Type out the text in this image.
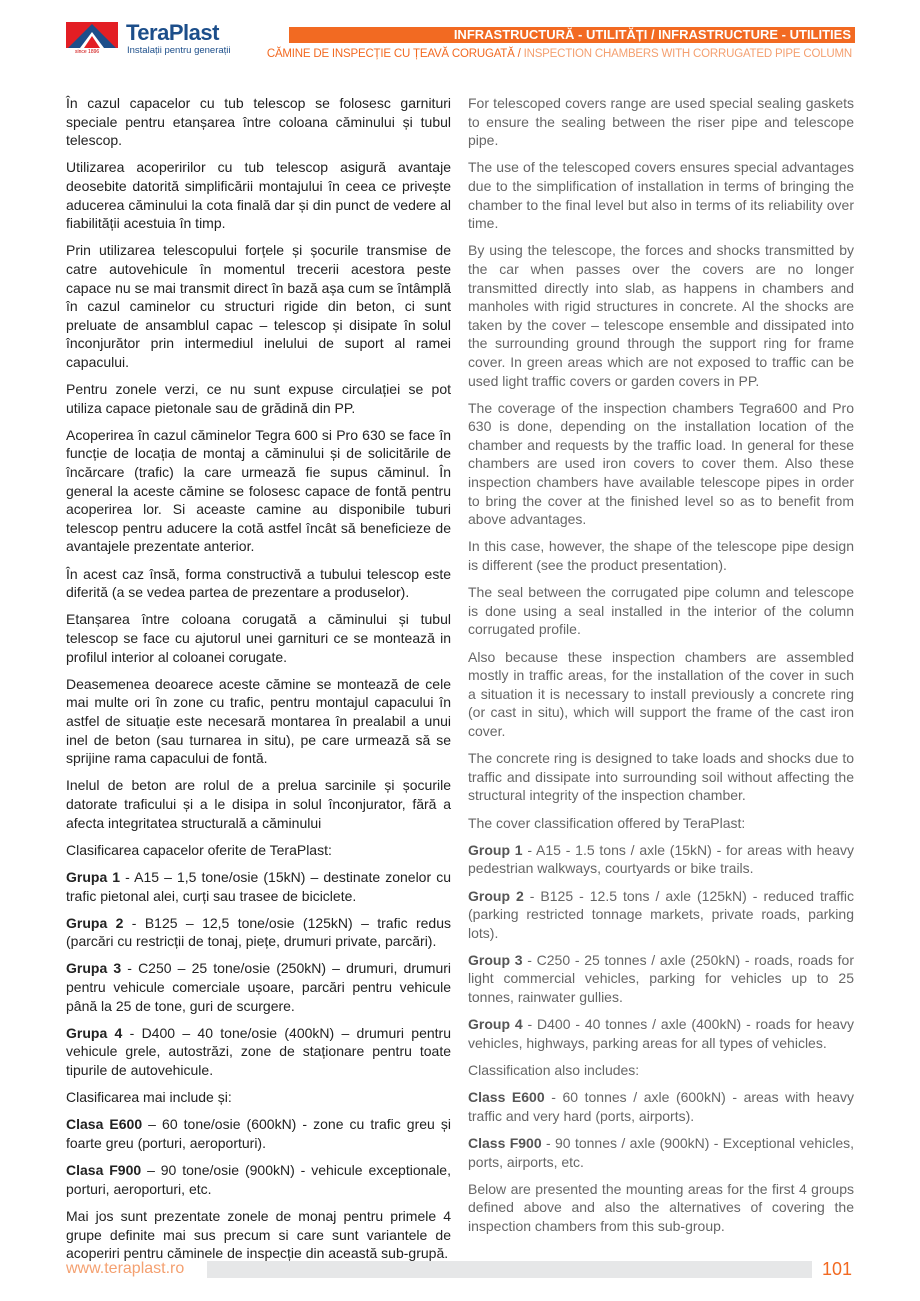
since 1896
TeraPlast
Instalații pentru generații
INFRASTRUCTURĂ - UTILITĂȚI / INFRASTRUCTURE - UTILITIES
CĂMINE DE INSPECȚIE CU ȚEAVĂ CORUGATĂ / INSPECTION CHAMBERS WITH CORRUGATED PIPE COLUMN

În cazul capacelor cu tub telescop se folosesc garnituri speciale pentru etanșarea între coloana căminului și tubul telescop.

Utilizarea acoperirilor cu tub telescop asigură avantaje deosebite datorită simplificării montajului în ceea ce privește aducerea căminului la cota finală dar și din punct de vedere al fiabilității acestuia în timp.

Prin utilizarea telescopului forțele și șocurile transmise de catre autovehicule în momentul trecerii acestora peste capace nu se mai transmit direct în bază așa cum se întâmplă în cazul caminelor cu structuri rigide din beton, ci sunt preluate de ansamblul capac – telescop și disipate în solul înconjurător prin intermediul inelului de suport al ramei capacului.

Pentru zonele verzi, ce nu sunt expuse circulației se pot utiliza capace pietonale sau de grădină din PP.

Acoperirea în cazul căminelor Tegra 600 si Pro 630 se face în funcție de locația de montaj a căminului și de solicitările de încărcare (trafic) la care urmează fie supus căminul. În general la aceste cămine se folosesc capace de fontă pentru acoperirea lor. Si aceaste camine au disponibile tuburi telescop pentru aducere la cotă astfel încât să beneficieze de avantajele prezentate anterior.

În acest caz însă, forma constructivă a tubului telescop este diferită (a se vedea partea de prezentare a produselor).

Etanșarea între coloana corugată a căminului și tubul telescop se face cu ajutorul unei garnituri ce se montează in profilul interior al coloanei corugate.

Deasemenea deoarece aceste cămine se montează de cele mai multe ori în zone cu trafic, pentru montajul capacului în astfel de situație este necesară montarea în prealabil a unui inel de beton (sau turnarea in situ), pe care urmează să se sprijine rama capacului de fontă.

Inelul de beton are rolul de a prelua sarcinile și șocurile datorate traficului și a le disipa in solul înconjurator, fără a afecta integritatea structurală a căminului

Clasificarea capacelor oferite de TeraPlast:

Grupa 1 - A15 – 1,5 tone/osie (15kN) – destinate zonelor cu trafic pietonal alei, curți sau trasee de biciclete.

Grupa 2 - B125 – 12,5 tone/osie (125kN) – trafic redus (parcări cu restricții de tonaj, piețe, drumuri private, parcări).

Grupa 3 - C250 – 25 tone/osie (250kN) – drumuri, drumuri pentru vehicule comerciale ușoare, parcări pentru vehicule până la 25 de tone, guri de scurgere.

Grupa 4 - D400 – 40 tone/osie (400kN) – drumuri pentru vehicule grele, autostrăzi, zone de staționare pentru toate tipurile de autovehicule.

Clasificarea mai include și:

Clasa E600 – 60 tone/osie (600kN) - zone cu trafic greu și foarte greu (porturi, aeroporturi).

Clasa F900 – 90 tone/osie (900kN) - vehicule exceptionale, porturi, aeroporturi, etc.

Mai jos sunt prezentate zonele de monaj pentru primele 4 grupe definite mai sus precum si care sunt variantele de acoperiri pentru căminele de inspecție din această sub-grupă.

For telescoped covers range are used special sealing gaskets to ensure the sealing between the riser pipe and telescope pipe.

The use of the telescoped covers ensures special advantages due to the simplification of installation in terms of bringing the chamber to the final level but also in terms of its reliability over time.

By using the telescope, the forces and shocks transmitted by the car when passes over the covers are no longer transmitted directly into slab, as happens in chambers and manholes with rigid structures in concrete. Al the shocks are taken by the cover – telescope ensemble and dissipated into the surrounding ground through the support ring for frame cover. In green areas which are not exposed to traffic can be used light traffic covers or garden covers in PP.

The coverage of the inspection chambers Tegra600 and Pro 630 is done, depending on the installation location of the chamber and requests by the traffic load. In general for these chambers are used iron covers to cover them. Also these inspection chambers have available telescope pipes in order to bring the cover at the finished level so as to benefit from above advantages.

In this case, however, the shape of the telescope pipe design is different (see the product presentation).

The seal between the corrugated pipe column and telescope is done using a seal installed in the interior of the column corrugated profile.

Also because these inspection chambers are assembled mostly in traffic areas, for the installation of the cover in such a situation it is necessary to install previously a concrete ring (or cast in situ), which will support the frame of the cast iron cover.

The concrete ring is designed to take loads and shocks due to traffic and dissipate into surrounding soil without affecting the structural integrity of the inspection chamber.

The cover classification offered by TeraPlast:

Group 1 - A15 - 1.5 tons / axle (15kN) - for areas with heavy pedestrian walkways, courtyards or bike trails.

Group 2 - B125 - 12.5 tons / axle (125kN) - reduced traffic (parking restricted tonnage markets, private roads, parking lots).

Group 3 - C250 - 25 tonnes / axle (250kN) - roads, roads for light commercial vehicles, parking for vehicles up to 25 tonnes, rainwater gullies.

Group 4 - D400 - 40 tonnes / axle (400kN) - roads for heavy vehicles, highways, parking areas for all types of vehicles.

Classification also includes:

Class E600 - 60 tonnes / axle (600kN) - areas with heavy traffic and very hard (ports, airports).

Class F900 - 90 tonnes / axle (900kN) - Exceptional vehicles, ports, airports, etc.

Below are presented the mounting areas for the first 4 groups defined above and also the alternatives of covering the inspection chambers from this sub-group.

www.teraplast.ro	101
